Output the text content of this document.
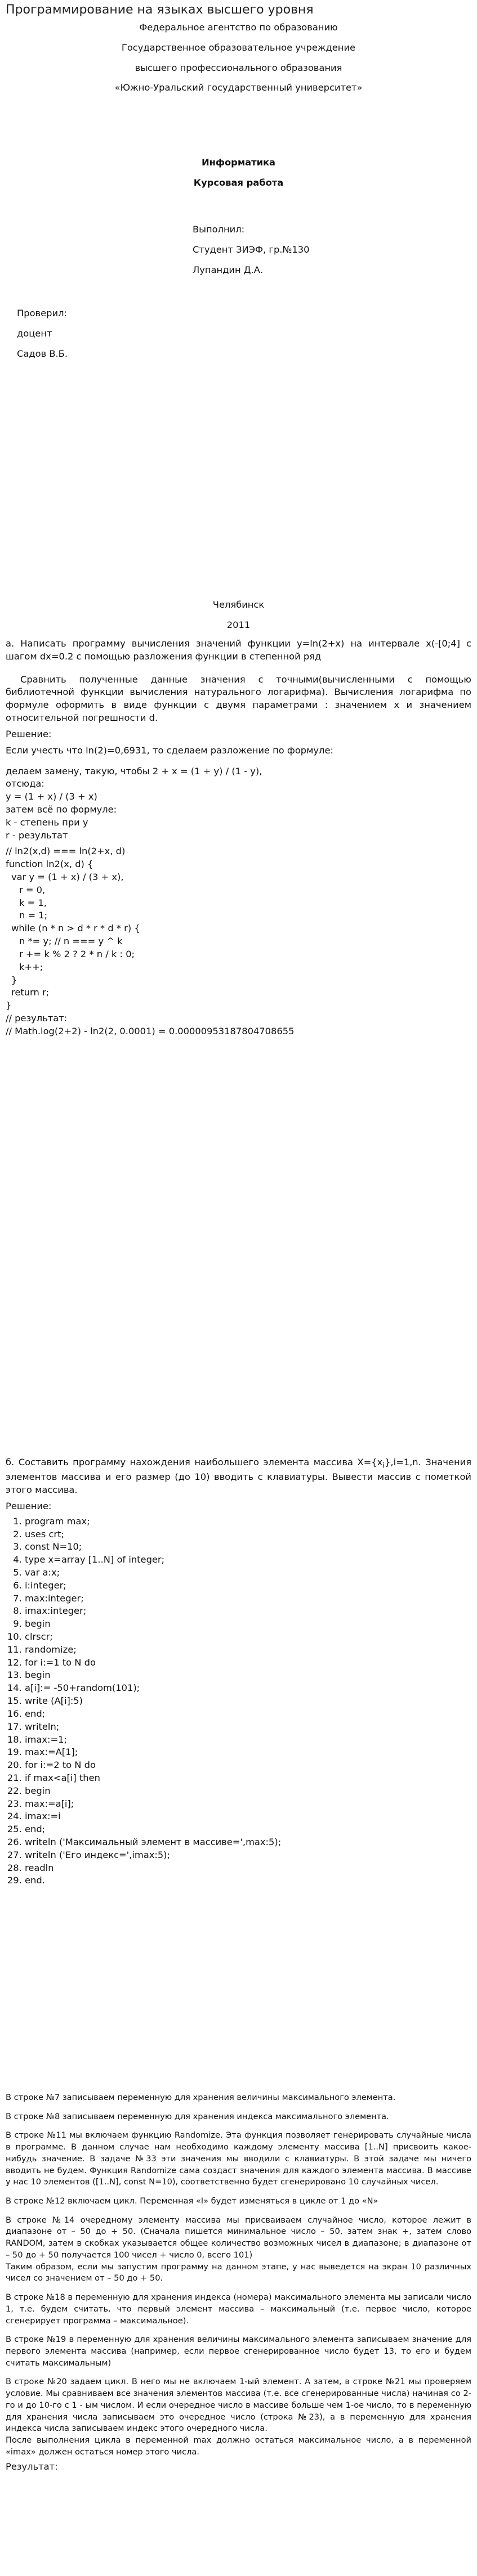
Программирование на языках высшего уровня

Федеральное агентство по образованию

Государственное образовательное учреждение

высшего профессионального образования

«Южно-Уральский государственный университет»

Информатика

Курсовая работа

Выполнил:

Студент ЗИЭФ, гр.№130

Лупандин Д.А.

Проверил:

доцент

Садов В.Б.

Челябинск

2011

а. Написать программу вычисления значений функции y=ln(2+x) на интервале x(-[0;4] с шагом dx=0.2 с помощью разложения функции в степенной ряд

Сравнить полученные данные значения с точными(вычисленными с помощью библиотечной функции вычисления натурального логарифма). Вычисления логарифма по формуле оформить в виде функции с двумя параметрами : значением x и значением относительной погрешности d.

Решение:

Если учесть что ln(2)=0,6931, то сделаем разложение по формуле:

делаем замену, такую, чтобы 2 + x = (1 + y) / (1 - y),

отсюда:

y = (1 + x) / (3 + x)

затем всё по формуле:

k - степень при y

r - результат

// ln2(x,d) === ln(2+x, d)

function ln2(x, d) {

var y = (1 + x) / (3 + x),

r = 0,

k = 1,

n = 1;

while (n * n > d * r * d * r) {

n *= y; // n === y ^ k

r += k % 2 ? 2 * n / k : 0;

k++;

}

return r;

}

// результат:

// Math.log(2+2) - ln2(2, 0.0001) = 0.0000095318780470865​5

б. Составить программу нахождения наибольшего элемента массива $X=\{x_i\},i=1,n$. Значения элементов массива и его размер (до 10) вводить с клавиатуры. Вывести массив с пометкой этого массива.

Решение:

1. program max;
2. uses crt;
3. const N=10;
4. type x=array [1..N] of integer;
5. var a:x;
6. i:integer;
7. max:integer;
8. imax:integer;
9. begin
10. clrscr;
11. randomize;
12. for i:=1 to N do
13. begin
14. a[i]:= -50+random(101);
15. write (A[i]:5)
16. end;
17. writeln;
18. imax:=1;
19. max:=A[1];
20. for i:=2 to N do
21. if max<a[i] then
22. begin
23. max:=a[i];
24. imax:=i
25. end;
26. writeln ('Максимальный элемент в массиве=',max:5);
27. writeln ('Его индекс=',imax:5);
28. readln
29. end.

В строке №7 записываем переменную для хранения величины максимального элемента.

В строке №8 записываем переменную для хранения индекса максимального элемента.

В строке №11 мы включаем функцию Randomize. Эта функция позволяет генерировать случайные числа в программе. В данном случае нам необходимо каждому элементу массива [1..N] присвоить какое-нибудь значение. В задаче №33 эти значения мы вводили с клавиатуры. В этой задаче мы ничего вводить не будем. Функция Randomize сама создаст значения для каждого элемента массива. В массиве у нас 10 элементов ([1..N], const N=10), соответственно будет сгенерировано 10 случайных чисел.

В строке №12 включаем цикл. Переменная «I» будет изменяться в цикле от 1 до «N»

В строке №14 очередному элементу массива мы присваиваем случайное число, которое лежит в диапазоне от – 50 до + 50. (Сначала пишется минимальное число – 50, затем знак +, затем слово RANDOM, затем в скобках указывается общее количество возможных чисел в диапазоне; в диапазоне от – 50 до + 50 получается 100 чисел + число 0, всего 101)

Таким образом, если мы запустим программу на данном этапе, у нас выведется на экран 10 различных чисел со значением от – 50 до + 50.

В строке №18 в переменную для хранения индекса (номера) максимального элемента мы записали число 1, т.е. будем считать, что первый элемент массива – максимальный (т.е. первое число, которое сгенерирует программа – максимальное).

В строке №19 в переменную для хранения величины максимального элемента записываем значение для первого элемента массива (например, если первое сгенерированное число будет 13, то его и будем считать максимальным)

В строке №20 задаем цикл. В него мы не включаем 1-ый элемент. А затем, в строке №21 мы проверяем условие. Мы сравниваем все значения элементов массива (т.е. все сгенерированные числа) начиная со 2-го и до 10-го с 1 - ым числом. И если очередное число в массиве больше чем 1-ое число, то в переменную для хранения числа записываем это очередное число (строка №23), а в переменную для хранения индекса числа записываем индекс этого очередного числа.

После выполнения цикла в переменной max должно остаться максимальное число, а в переменной «imax» должен остаться номер этого числа.

Результат:
